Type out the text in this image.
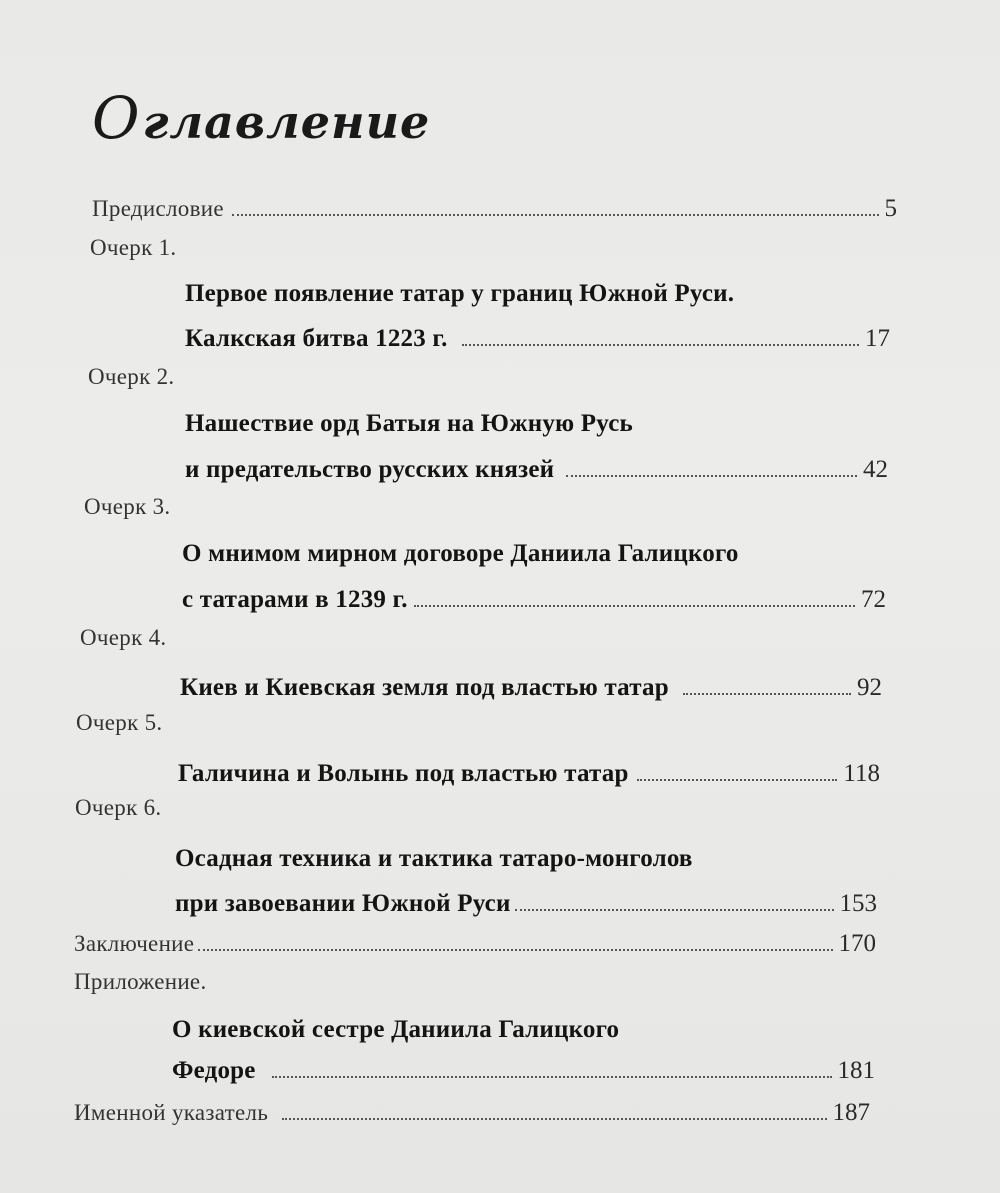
Оглавление
Предисловие	5
Очерк 1.
Первое появление татар у границ Южной Руси.
Калкская битва 1223 г.	17
Очерк 2.
Нашествие орд Батыя на Южную Русь
и предательство русских князей	42
Очерк 3.
О мнимом мирном договоре Даниила Галицкого
с татарами в 1239 г.	72
Очерк 4.
Киев и Киевская земля под властью татар	92
Очерк 5.
Галичина и Волынь под властью татар	118
Очерк 6.
Осадная техника и тактика татаро-монголов
при завоевании Южной Руси	153
Заключение	170
Приложение.
О киевской сестре Даниила Галицкого
Федоре	181
Именной указатель	187
